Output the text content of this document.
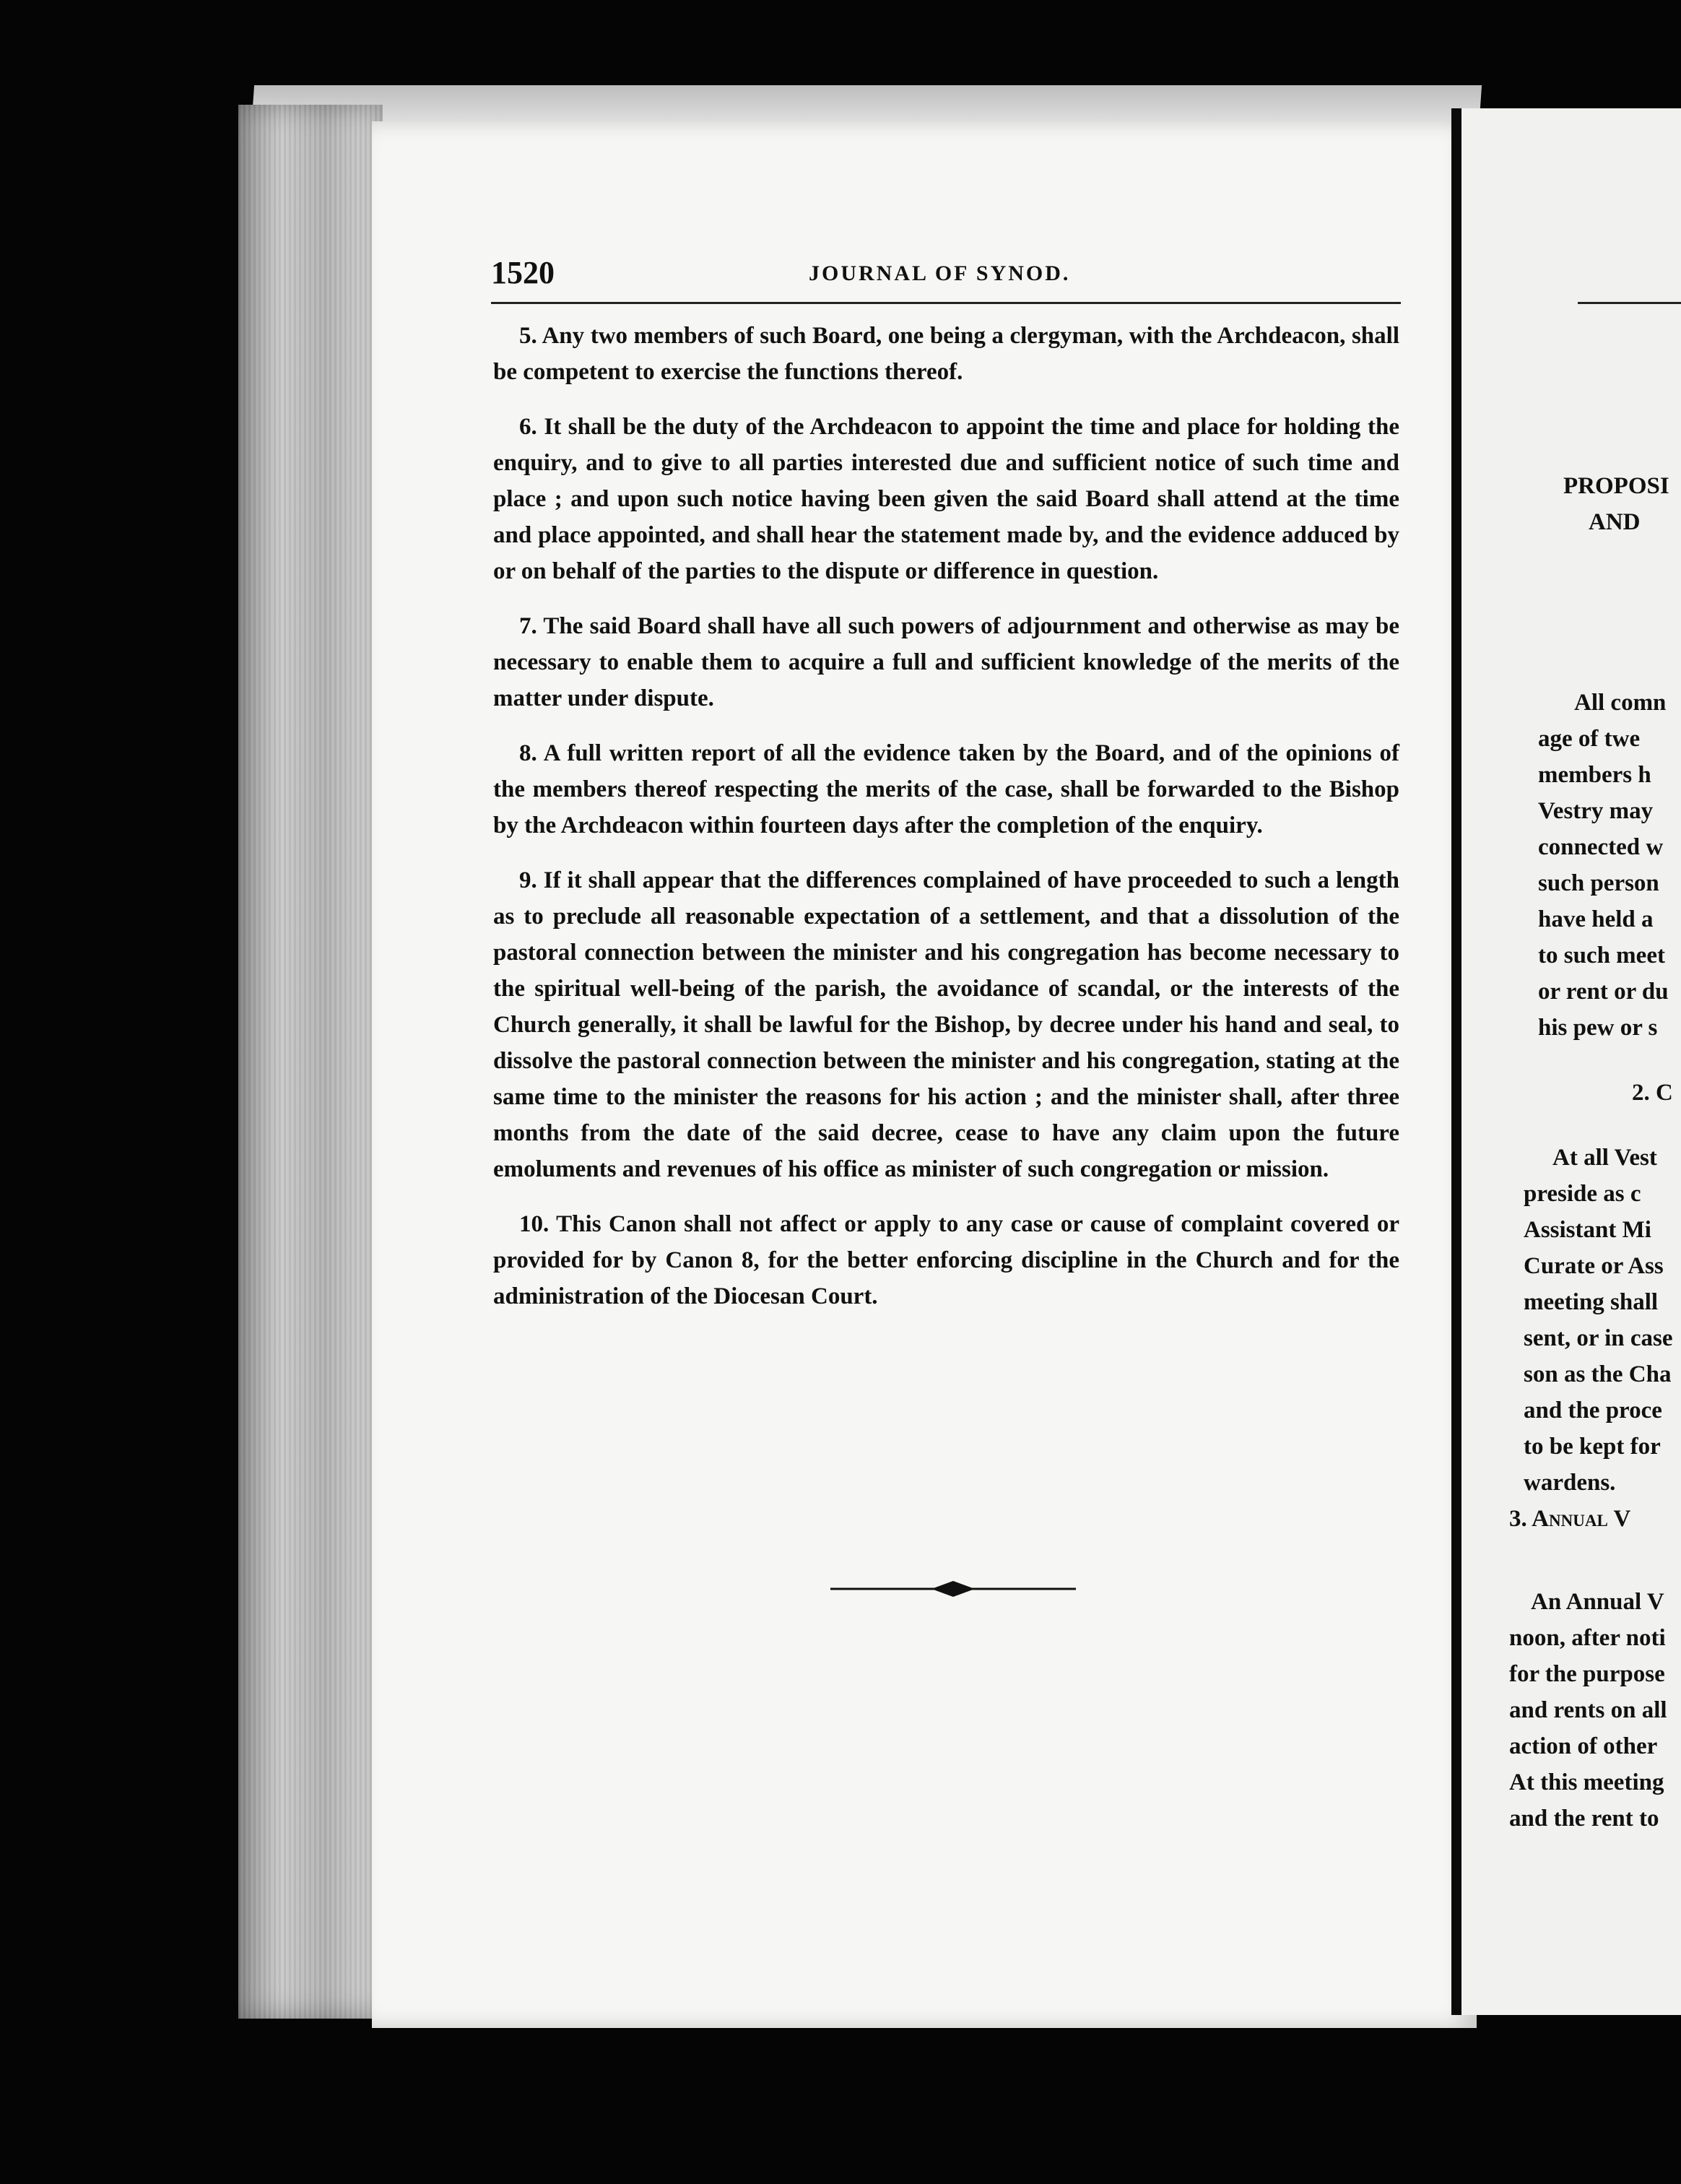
1520	JOURNAL OF SYNOD.

5. Any two members of such Board, one being a clergyman, with the Archdeacon, shall be competent to exercise the functions thereof.

6. It shall be the duty of the Archdeacon to appoint the time and place for holding the enquiry, and to give to all parties interested due and sufficient notice of such time and place ; and upon such notice having been given the said Board shall attend at the time and place appointed, and shall hear the statement made by, and the evidence adduced by or on behalf of the parties to the dispute or difference in question.

7. The said Board shall have all such powers of adjournment and otherwise as may be necessary to enable them to acquire a full and sufficient knowledge of the merits of the matter under dispute.

8. A full written report of all the evidence taken by the Board, and of the opinions of the members thereof respecting the merits of the case, shall be forwarded to the Bishop by the Archdeacon within fourteen days after the completion of the enquiry.

9. If it shall appear that the differences complained of have proceeded to such a length as to preclude all reasonable expectation of a settlement, and that a dissolution of the pastoral connection between the minister and his congregation has become necessary to the spiritual well-being of the parish, the avoidance of scandal, or the interests of the Church generally, it shall be lawful for the Bishop, by decree under his hand and seal, to dissolve the pastoral connection between the minister and his congregation, stating at the same time to the minister the reasons for his action ; and the minister shall, after three months from the date of the said decree, cease to have any claim upon the future emoluments and revenues of his office as minister of such congregation or mission.

10. This Canon shall not affect or apply to any case or cause of complaint covered or provided for by Canon 8, for the better enforcing discipline in the Church and for the administration of the Diocesan Court.

PROPOSI
AND
All comn
age of twe
members h
Vestry may
connected w
such person
have held a
to such meet
or rent or du
his pew or s
2. C
At all Vest
preside as c
Assistant Mi
Curate or Ass
meeting shall
sent, or in case
son as the Cha
and the proce
to be kept for
wardens.
3. Annual V
An Annual V
noon, after noti
for the purpose
and rents on all
action of other
At this meeting
and the rent to
